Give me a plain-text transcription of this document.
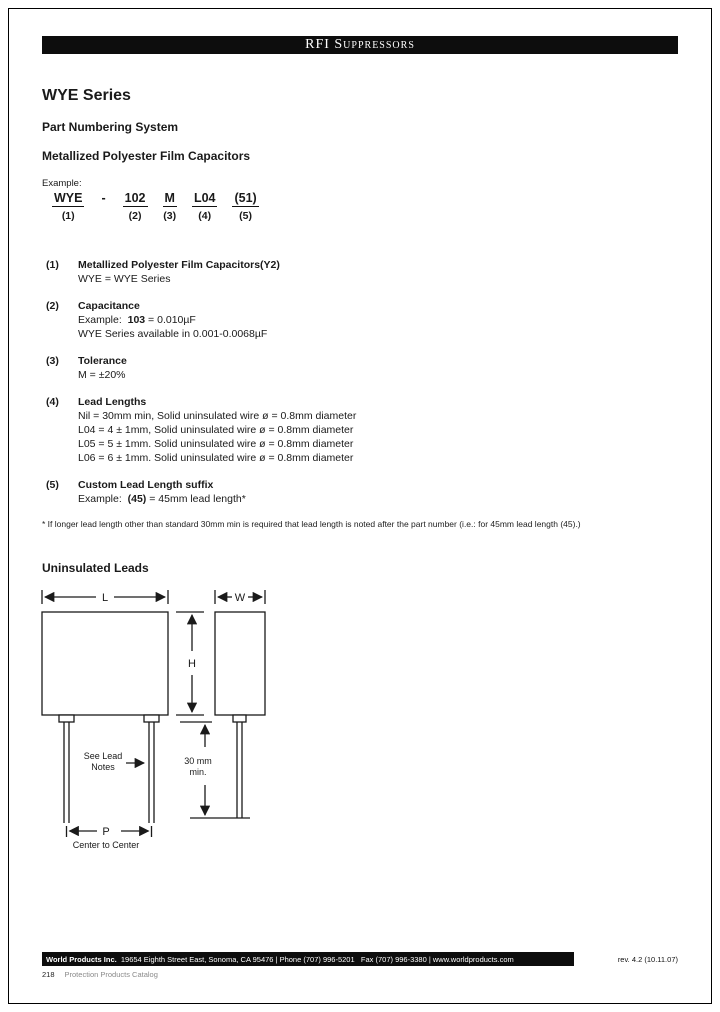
RFI Suppressors
WYE Series
Part Numbering System
Metallized Polyester Film Capacitors
Example:
WYE
(1)
- 102
(2)
M
(3)
L04
(4)
(51)
(5)
(1)	Metallized Polyester Film Capacitors(Y2)
WYE = WYE Series
(2)	Capacitance
Example:  103 = 0.010µF
WYE Series available in 0.001-0.0068µF
(3)	Tolerance
M = ±20%
(4)	Lead Lengths
Nil = 30mm min, Solid uninsulated wire ø = 0.8mm diameter
L04 = 4 ± 1mm, Solid uninsulated wire ø = 0.8mm diameter
L05 = 5 ± 1mm. Solid uninsulated wire ø = 0.8mm diameter
L06 = 6 ± 1mm. Solid uninsulated wire ø = 0.8mm diameter
(5)	Custom Lead Length suffix
Example:  (45) = 45mm lead length*
* If longer lead length other than standard 30mm min is required that lead length is noted after the part number (i.e.: for 45mm lead length (45).)
Uninsulated Leads
L	W
H
P
See Lead
Notes
30 mm
min.
Center to Center
World Products Inc.  19654 Eighth Street East, Sonoma, CA 95476 | Phone (707) 996-5201   Fax (707) 996-3380 | www.worldproducts.com	rev. 4.2 (10.11.07)
218 Protection Products Catalog
